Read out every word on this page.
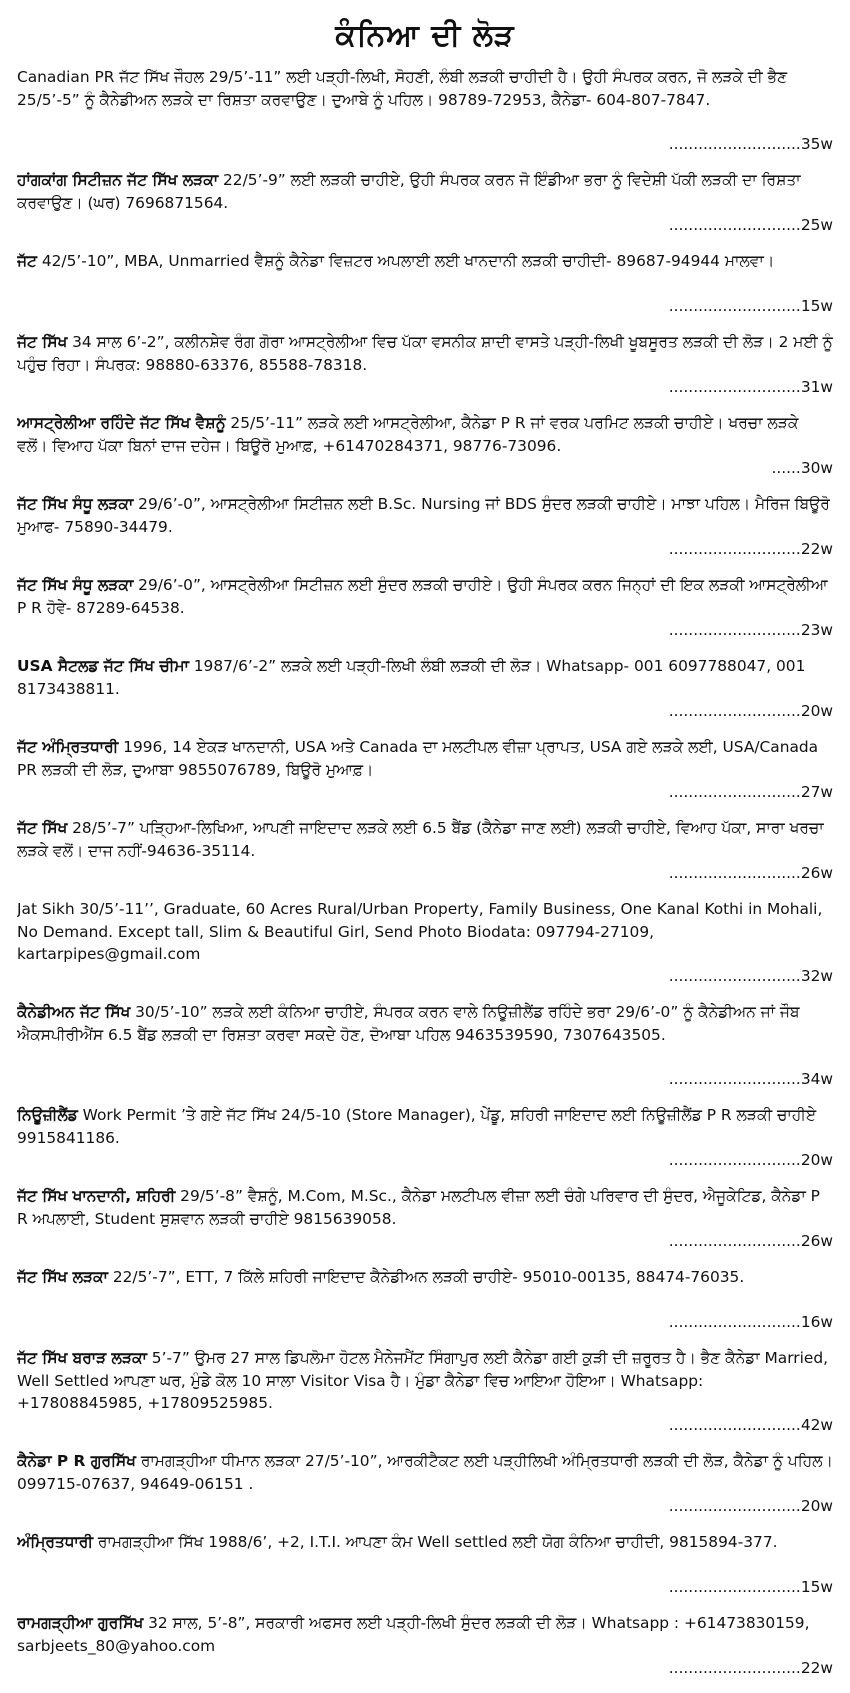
ਕੰਨਿਆ ਦੀ ਲੋੜ
Canadian PR ਜੱਟ ਸਿੱਖ ਜੌਹਲ 29/5’-11” ਲਈ ਪੜ੍ਹੀ-ਲਿਖੀ, ਸੋਹਣੀ, ਲੰਬੀ ਲੜਕੀ ਚਾਹੀਦੀ ਹੈ। ਉਹੀ ਸੰਪਰਕ ਕਰਨ, ਜੋ ਲੜਕੇ ਦੀ ਭੈਣ 25/5’-5” ਨੂੰ ਕੈਨੇਡੀਅਨ ਲੜਕੇ ਦਾ ਰਿਸ਼ਤਾ ਕਰਵਾਉਣ। ਦੁਆਬੇ ਨੂੰ ਪਹਿਲ। 98789-72953, ਕੈਨੇਡਾ- 604-807-7847.
...........................35w
ਹਾਂਗਕਾਂਗ ਸਿਟੀਜ਼ਨ ਜੱਟ ਸਿੱਖ ਲੜਕਾ 22/5’-9” ਲਈ ਲੜਕੀ ਚਾਹੀਏ, ਉਹੀ ਸੰਪਰਕ ਕਰਨ ਜੋ ਇੰਡੀਆ ਭਰਾ ਨੂੰ ਵਿਦੇਸ਼ੀ ਪੱਕੀ ਲੜਕੀ ਦਾ ਰਿਸ਼ਤਾ ਕਰਵਾਉਣ। (ਘਰ) 7696871564.
...........................25w
ਜੱਟ 42/5’-10”, MBA, Unmarried ਵੈਸ਼ਨੂੰ ਕੈਨੇਡਾ ਵਿਜ਼ਟਰ ਅਪਲਾਈ ਲਈ ਖਾਨਦਾਨੀ ਲੜਕੀ ਚਾਹੀਦੀ- 89687-94944 ਮਾਲਵਾ।
...........................15w
ਜੱਟ ਸਿੱਖ 34 ਸਾਲ 6’-2”, ਕਲੀਨਸ਼ੇਵ ਰੰਗ ਗੋਰਾ ਆਸਟ੍ਰੇਲੀਆ ਵਿਚ ਪੱਕਾ ਵਸਨੀਕ ਸ਼ਾਦੀ ਵਾਸਤੇ ਪੜ੍ਹੀ-ਲਿਖੀ ਖੂਬਸੂਰਤ ਲੜਕੀ ਦੀ ਲੋੜ। 2 ਮਈ ਨੂੰ ਪਹੁੰਚ ਰਿਹਾ। ਸੰਪਰਕ: 98880-63376, 85588-78318.
...........................31w
ਆਸਟ੍ਰੇਲੀਆ ਰਹਿੰਦੇ ਜੱਟ ਸਿੱਖ ਵੈਸ਼ਨੂੰ 25/5’-11” ਲੜਕੇ ਲਈ ਆਸਟ੍ਰੇਲੀਆ, ਕੈਨੇਡਾ P R ਜਾਂ ਵਰਕ ਪਰਮਿਟ ਲੜਕੀ ਚਾਹੀਏ। ਖਰਚਾ ਲੜਕੇ ਵਲੋਂ। ਵਿਆਹ ਪੱਕਾ ਬਿਨਾਂ ਦਾਜ ਦਹੇਜ। ਬਿਊਰੋ ਮੁਆਫ਼, +61470284371, 98776-73096.
......30w
ਜੱਟ ਸਿੱਖ ਸੰਧੂ ਲੜਕਾ 29/6’-0”, ਆਸਟ੍ਰੇਲੀਆ ਸਿਟੀਜ਼ਨ ਲਈ B.Sc. Nursing ਜਾਂ BDS ਸੁੰਦਰ ਲੜਕੀ ਚਾਹੀਏ। ਮਾਝਾ ਪਹਿਲ। ਮੈਰਿਜ ਬਿਊਰੋ ਮੁਆਫ- 75890-34479.
...........................22w
ਜੱਟ ਸਿੱਖ ਸੰਧੂ ਲੜਕਾ 29/6’-0”, ਆਸਟ੍ਰੇਲੀਆ ਸਿਟੀਜ਼ਨ ਲਈ ਸੁੰਦਰ ਲੜਕੀ ਚਾਹੀਏ। ਉਹੀ ਸੰਪਰਕ ਕਰਨ ਜਿਨ੍ਹਾਂ ਦੀ ਇਕ ਲੜਕੀ ਆਸਟ੍ਰੇਲੀਆ P R ਹੋਵੇ- 87289-64538.
...........................23w
USA ਸੈਟਲਡ ਜੱਟ ਸਿੱਖ ਚੀਮਾ 1987/6’-2” ਲੜਕੇ ਲਈ ਪੜ੍ਹੀ-ਲਿਖੀ ਲੰਬੀ ਲੜਕੀ ਦੀ ਲੋੜ। Whatsapp- 001 6097788047, 001 8173438811.
...........................20w
ਜੱਟ ਅੰਮ੍ਰਿਤਧਾਰੀ 1996, 14 ਏਕੜ ਖਾਨਦਾਨੀ, USA ਅਤੇ Canada ਦਾ ਮਲਟੀਪਲ ਵੀਜ਼ਾ ਪ੍ਰਾਪਤ, USA ਗਏ ਲੜਕੇ ਲਈ, USA/Canada PR ਲੜਕੀ ਦੀ ਲੋੜ, ਦੁਆਬਾ 9855076789, ਬਿਊਰੋ ਮੁਆਫ਼।
...........................27w
ਜੱਟ ਸਿੱਖ 28/5’-7” ਪੜ੍ਹਿਆ-ਲਿਖਿਆ, ਆਪਣੀ ਜਾਇਦਾਦ ਲੜਕੇ ਲਈ 6.5 ਬੈਂਡ (ਕੈਨੇਡਾ ਜਾਣ ਲਈ) ਲੜਕੀ ਚਾਹੀਏ, ਵਿਆਹ ਪੱਕਾ, ਸਾਰਾ ਖਰਚਾ ਲੜਕੇ ਵਲੋਂ। ਦਾਜ ਨਹੀਂ-94636-35114.
...........................26w
Jat Sikh 30/5’-11’’, Graduate, 60 Acres Rural/Urban Property, Family Business, One Kanal Kothi in Mohali, No Demand. Except tall, Slim & Beautiful Girl, Send Photo Biodata: 097794-27109, kartarpipes@gmail.com
...........................32w
ਕੈਨੇਡੀਅਨ ਜੱਟ ਸਿੱਖ 30/5’-10” ਲੜਕੇ ਲਈ ਕੰਨਿਆ ਚਾਹੀਏ, ਸੰਪਰਕ ਕਰਨ ਵਾਲੇ ਨਿਊਜ਼ੀਲੈਂਡ ਰਹਿੰਦੇ ਭਰਾ 29/6’-0” ਨੂੰ ਕੈਨੇਡੀਅਨ ਜਾਂ ਜੌਬ ਐਕਸਪੀਰੀਐਂਸ 6.5 ਬੈਂਡ ਲੜਕੀ ਦਾ ਰਿਸ਼ਤਾ ਕਰਵਾ ਸਕਦੇ ਹੋਣ, ਦੋਆਬਾ ਪਹਿਲ 9463539590, 7307643505.
...........................34w
ਨਿਊਜ਼ੀਲੈਂਡ Work Permit ’ਤੇ ਗਏ ਜੱਟ ਸਿੱਖ 24/5-10 (Store Manager), ਪੇਂਡੂ, ਸ਼ਹਿਰੀ ਜਾਇਦਾਦ ਲਈ ਨਿਊਜ਼ੀਲੈਂਡ P R ਲੜਕੀ ਚਾਹੀਏ 9915841186.
...........................20w
ਜੱਟ ਸਿੱਖ ਖਾਨਦਾਨੀ, ਸ਼ਹਿਰੀ 29/5’-8” ਵੈਸ਼ਨੂੰ, M.Com, M.Sc., ਕੈਨੇਡਾ ਮਲਟੀਪਲ ਵੀਜ਼ਾ ਲਈ ਚੰਗੇ ਪਰਿਵਾਰ ਦੀ ਸੁੰਦਰ, ਐਜੂਕੇਟਿਡ, ਕੈਨੇਡਾ P R ਅਪਲਾਈ, Student ਸੁਸ਼ਵਾਨ ਲੜਕੀ ਚਾਹੀਏ 9815639058.
...........................26w
ਜੱਟ ਸਿੱਖ ਲੜਕਾ 22/5’-7”, ETT, 7 ਕਿੱਲੇ ਸ਼ਹਿਰੀ ਜਾਇਦਾਦ ਕੈਨੇਡੀਅਨ ਲੜਕੀ ਚਾਹੀਏ- 95010-00135, 88474-76035.
...........................16w
ਜੱਟ ਸਿੱਖ ਬਰਾੜ ਲੜਕਾ 5’-7” ਉਮਰ 27 ਸਾਲ ਡਿਪਲੋਮਾ ਹੋਟਲ ਮੈਨੇਜਮੈਂਟ ਸਿੰਗਾਪੁਰ ਲਈ ਕੈਨੇਡਾ ਗਈ ਕੁੜੀ ਦੀ ਜ਼ਰੂਰਤ ਹੈ। ਭੈਣ ਕੈਨੇਡਾ Married, Well Settled ਆਪਣਾ ਘਰ, ਮੁੰਡੇ ਕੋਲ 10 ਸਾਲਾ Visitor Visa ਹੈ। ਮੁੰਡਾ ਕੈਨੇਡਾ ਵਿਚ ਆਇਆ ਹੋਇਆ। Whatsapp: +17808845985, +17809525985.
...........................42w
ਕੈਨੇਡਾ P R ਗੁਰਸਿੱਖ ਰਾਮਗੜ੍ਹੀਆ ਧੀਮਾਨ ਲੜਕਾ 27/5’-10”, ਆਰਕੀਟੈਕਟ ਲਈ ਪੜ੍ਹੀਲਿਖੀ ਅੰਮ੍ਰਿਤਧਾਰੀ ਲੜਕੀ ਦੀ ਲੋੜ, ਕੈਨੇਡਾ ਨੂੰ ਪਹਿਲ। 099715-07637, 94649-06151 .
...........................20w
ਅੰਮ੍ਰਿਤਧਾਰੀ ਰਾਮਗੜ੍ਹੀਆ ਸਿੱਖ 1988/6’, +2, I.T.I. ਆਪਣਾ ਕੰਮ Well settled ਲਈ ਯੋਗ ਕੰਨਿਆ ਚਾਹੀਦੀ, 9815894-377.
...........................15w
ਰਾਮਗੜ੍ਹੀਆ ਗੁਰਸਿੱਖ 32 ਸਾਲ, 5’-8”, ਸਰਕਾਰੀ ਅਫਸਰ ਲਈ ਪੜ੍ਹੀ-ਲਿਖੀ ਸੁੰਦਰ ਲੜਕੀ ਦੀ ਲੋੜ। Whatsapp : +61473830159, sarbjeets_80@yahoo.com
...........................22w
